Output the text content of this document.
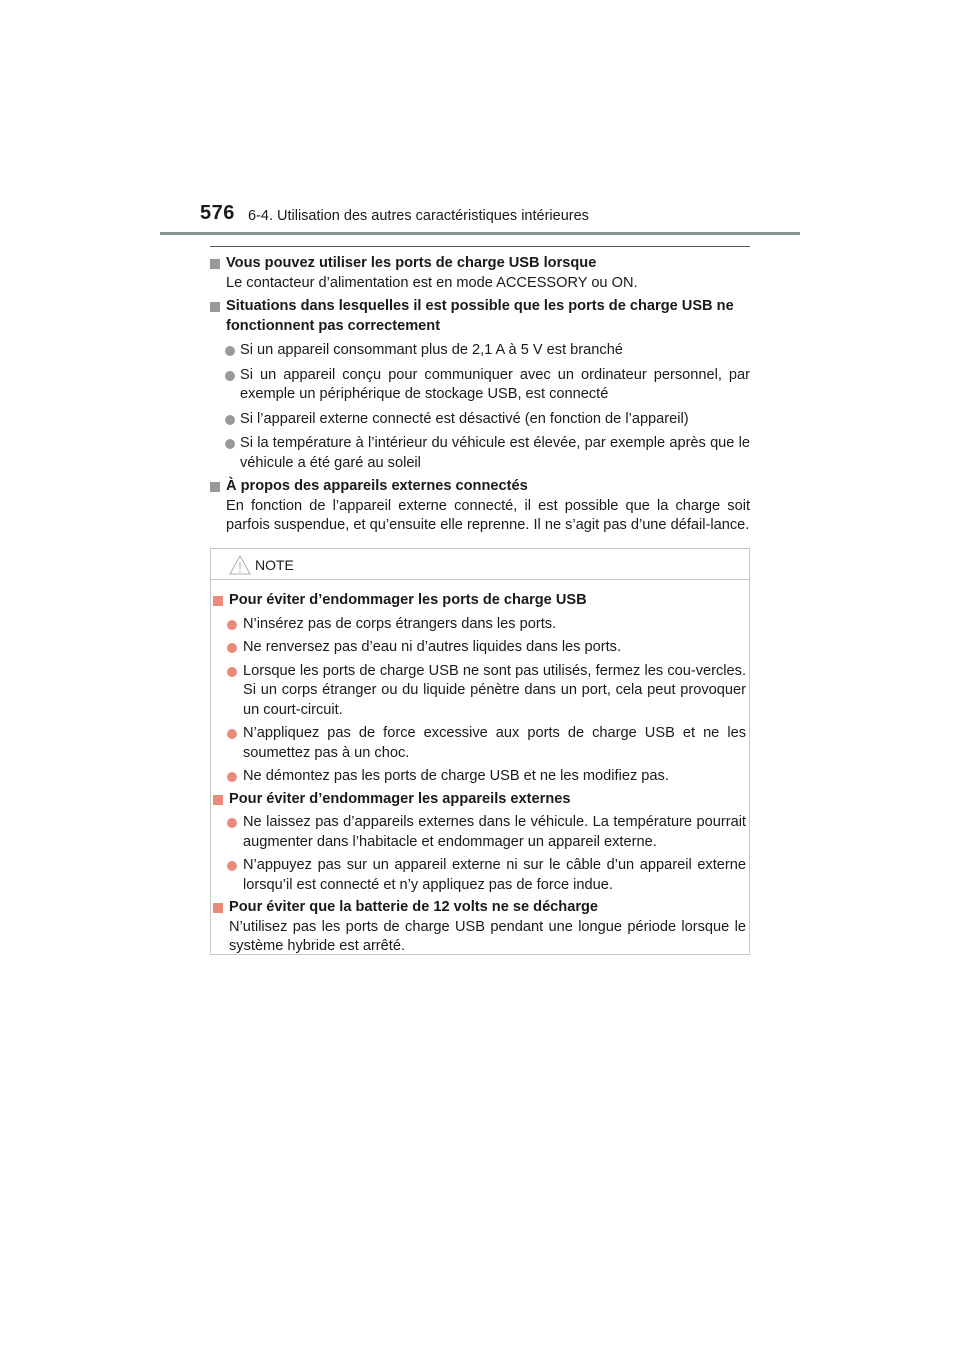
576 6-4. Utilisation des autres caractéristiques intérieures
Vous pouvez utiliser les ports de charge USB lorsque
Le contacteur d’alimentation est en mode ACCESSORY ou ON.
Situations dans lesquelles il est possible que les ports de charge USB ne fonctionnent pas correctement
Si un appareil consommant plus de 2,1 A à 5 V est branché
Si un appareil conçu pour communiquer avec un ordinateur personnel, par exemple un périphérique de stockage USB, est connecté
Si l’appareil externe connecté est désactivé (en fonction de l’appareil)
Si la température à l’intérieur du véhicule est élevée, par exemple après que le véhicule a été garé au soleil
À propos des appareils externes connectés
En fonction de l’appareil externe connecté, il est possible que la charge soit parfois suspendue, et qu’ensuite elle reprenne. Il ne s’agit pas d’une défail-lance.
NOTE
Pour éviter d’endommager les ports de charge USB
N’insérez pas de corps étrangers dans les ports.
Ne renversez pas d’eau ni d’autres liquides dans les ports.
Lorsque les ports de charge USB ne sont pas utilisés, fermez les cou-vercles. Si un corps étranger ou du liquide pénètre dans un port, cela peut provoquer un court-circuit.
N’appliquez pas de force excessive aux ports de charge USB et ne les soumettez pas à un choc.
Ne démontez pas les ports de charge USB et ne les modifiez pas.
Pour éviter d’endommager les appareils externes
Ne laissez pas d’appareils externes dans le véhicule. La température pourrait augmenter dans l’habitacle et endommager un appareil externe.
N’appuyez pas sur un appareil externe ni sur le câble d’un appareil externe lorsqu’il est connecté et n’y appliquez pas de force indue.
Pour éviter que la batterie de 12 volts ne se décharge
N’utilisez pas les ports de charge USB pendant une longue période lorsque le système hybride est arrêté.
